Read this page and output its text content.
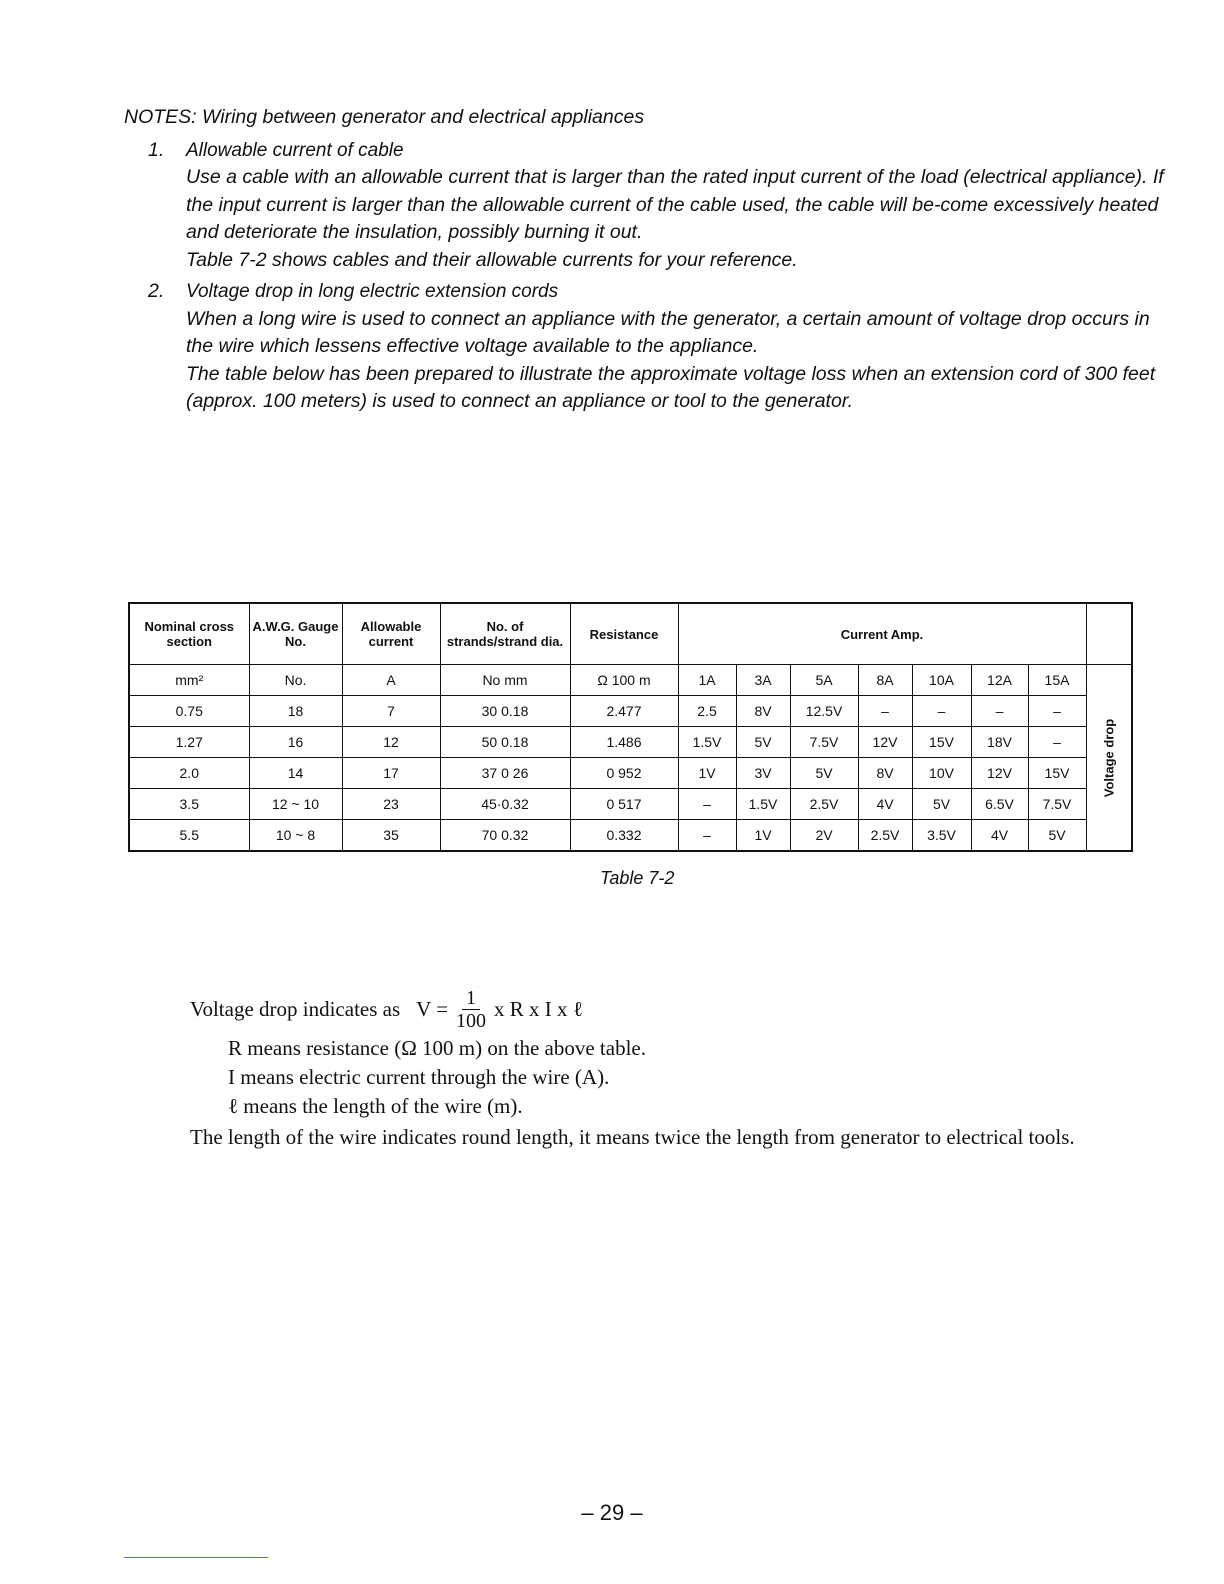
NOTES: Wiring between generator and electrical appliances

1. Allowable current of cable

Use a cable with an allowable current that is larger than the rated input current of the load (electrical appliance). If the input current is larger than the allowable current of the cable used, the cable will be-come excessively heated and deteriorate the insulation, possibly burning it out.

Table 7-2 shows cables and their allowable currents for your reference.

2. Voltage drop in long electric extension cords

When a long wire is used to connect an appliance with the generator, a certain amount of voltage drop occurs in the wire which lessens effective voltage available to the appliance.

The table below has been prepared to illustrate the approximate voltage loss when an extension cord of 300 feet (approx. 100 meters) is used to connect an appliance or tool to the generator.

Nominal cross section	A.W.G. Gauge No.	Allowable current	No. of strands/strand dia.	Resistance	Current Amp.							
mm²	No.	A	No mm	Ω 100 m	1A	3A	5A	8A	10A	12A	15A	Voltage drop

0.75	18	7	30 0.18	2.477	2.5	8V	12.5V	–	–	–	–	
1.27	16	12	50 0.18	1.486	1.5V	5V	7.5V	12V	15V	18V	–	
2.0	14	17	37 0 26	0 952	1V	3V	5V	8V	10V	12V	15V	
3.5	12 ~ 10	23	45·0.32	0 517	–	1.5V	2.5V	4V	5V	6.5V	7.5V	
5.5	10 ~ 8	35	70 0.32	0.332	–	1V	2V	2.5V	3.5V	4V	5V	
Table 7-2
Voltage drop indicates as $V = \frac{1}{100}$ x R x I x ℓ
R means resistance (Ω 100 m) on the above table.
I means electric current through the wire (A).
ℓ means the length of the wire (m).
The length of the wire indicates round length, it means twice the length from generator to electrical tools.
– 29 –
